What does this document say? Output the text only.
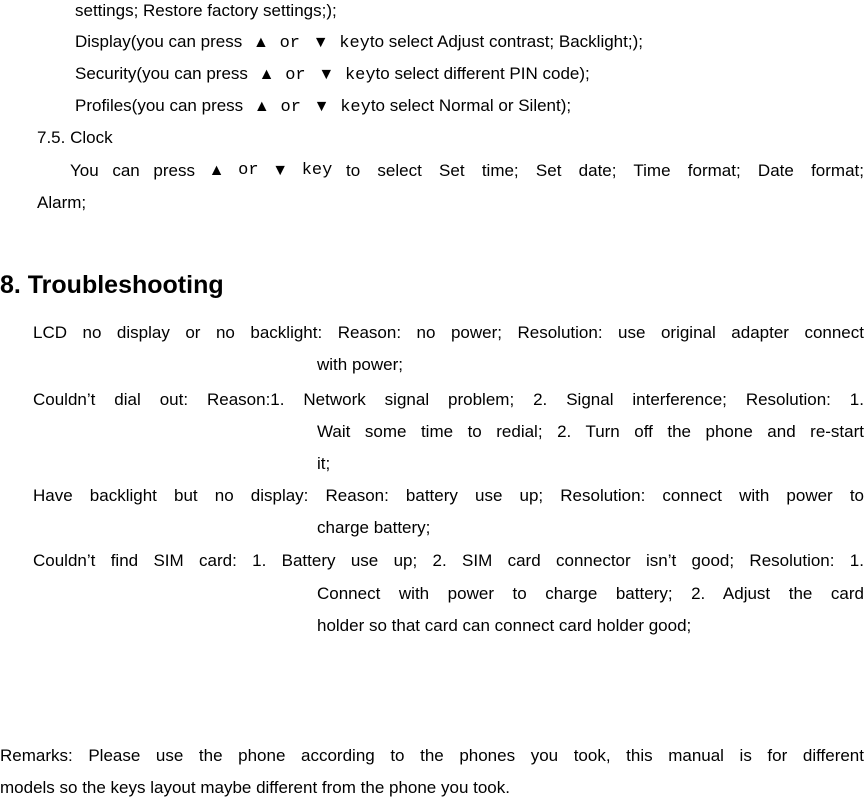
settings; Restore factory settings;);
Display(you can press ▲ or ▼ keyto select Adjust contrast; Backlight;);
Security(you can press ▲ or ▼ keyto select different PIN code);
Profiles(you can press ▲ or ▼ keyto select Normal or Silent);
7.5. Clock
You can press ▲ or ▼ key to select Set time; Set date; Time format; Date format;
Alarm;
8. Troubleshooting
LCD no display or no backlight: Reason: no power; Resolution: use original adapter connect
with power;
Couldn’t dial out: Reason:1. Network signal problem; 2. Signal interference; Resolution: 1.
Wait some time to redial; 2. Turn off the phone and re-start
it;
Have backlight but no display: Reason: battery use up; Resolution: connect with power to
charge battery;
Couldn’t find SIM card: 1. Battery use up; 2. SIM card connector isn’t good; Resolution: 1.
Connect with power to charge battery; 2. Adjust the card
holder so that card can connect card holder good;
Remarks: Please use the phone according to the phones you took, this manual is for different
models so the keys layout maybe different from the phone you took.
